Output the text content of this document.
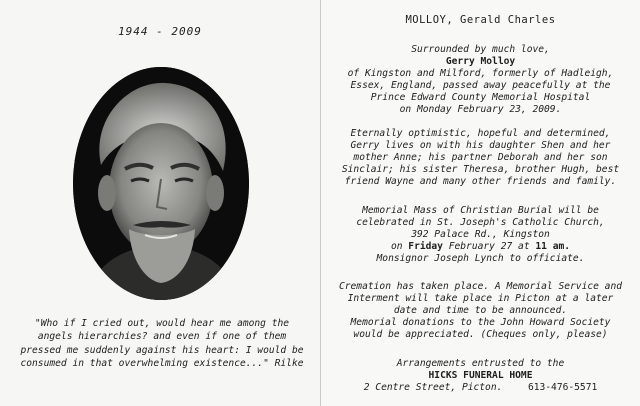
1944 - 2009
"Who if I cried out, would hear me among the
angels hierarchies? and even if one of them
pressed me suddenly against his heart: I would be
consumed in that overwhelming existence..." Rilke
MOLLOY, Gerald Charles
Surrounded by much love,
Gerry Molloy
of Kingston and Milford, formerly of Hadleigh,
Essex, England, passed away peacefully at the
Prince Edward County Memorial Hospital
on Monday February 23, 2009.
Eternally optimistic, hopeful and determined,
Gerry lives on with his daughter Shen and her
mother Anne; his partner Deborah and her son
Sinclair; his sister Theresa, brother Hugh, best
friend Wayne and many other friends and family.
Memorial Mass of Christian Burial will be
celebrated in St. Joseph's Catholic Church,
392 Palace Rd., Kingston
on Friday February 27 at 11 am.
Monsignor Joseph Lynch to officiate.
Cremation has taken place. A Memorial Service and
Interment will take place in Picton at a later
date and time to be announced.
Memorial donations to the John Howard Society
would be appreciated. (Cheques only, please)
Arrangements entrusted to the
HICKS FUNERAL HOME
2 Centre Street, Picton.	613-476-5571
